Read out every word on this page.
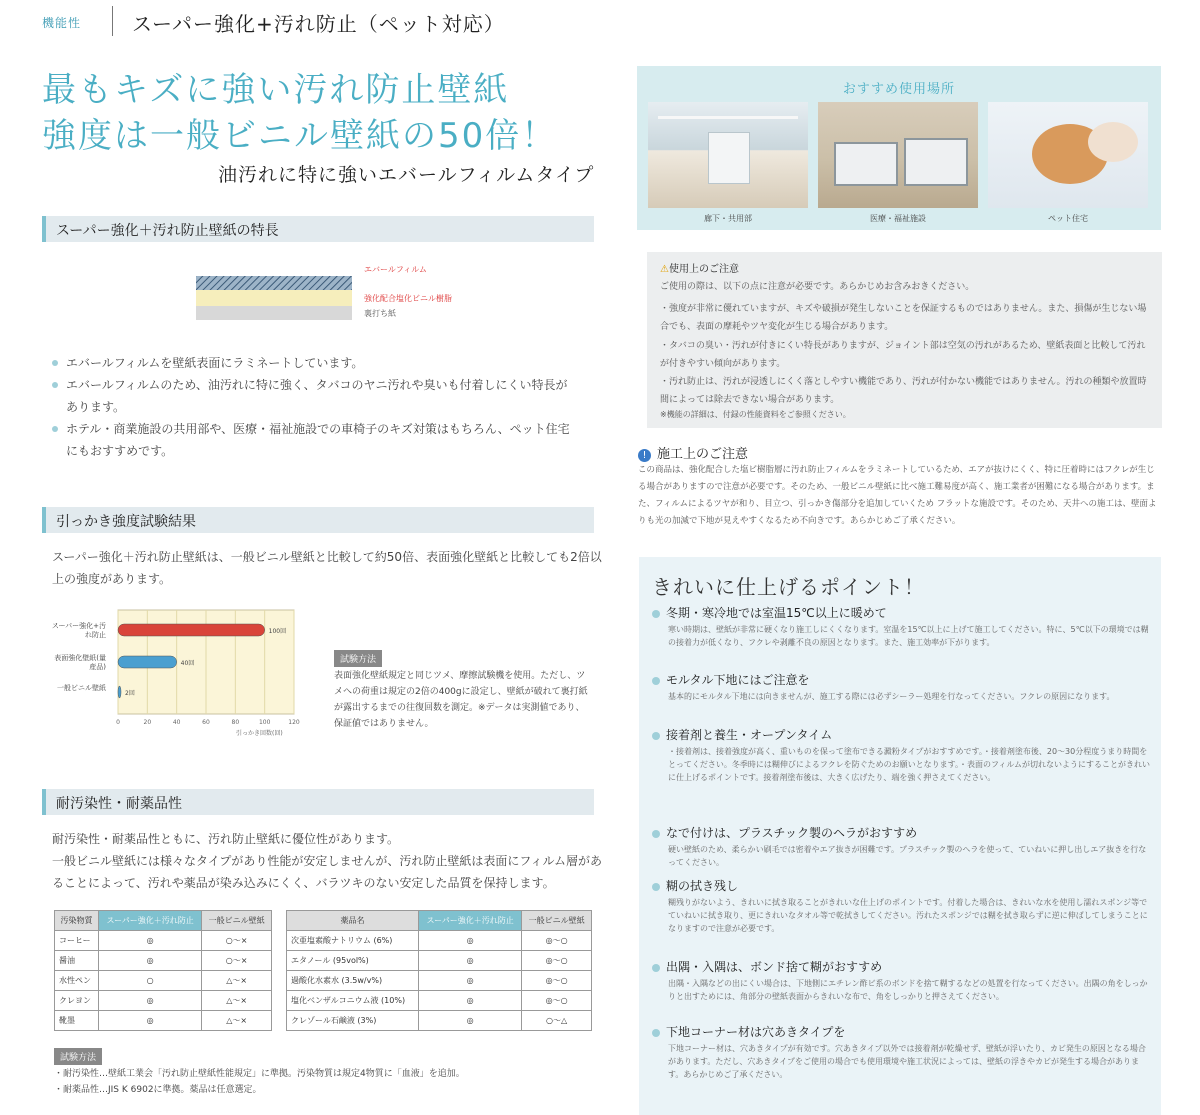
機能性	スーパー強化+汚れ防止（ペット対応）
最もキズに強い汚れ防止壁紙
強度は一般ビニル壁紙の50倍！
油汚れに特に強いエバールフィルムタイプ
スーパー強化＋汚れ防止壁紙の特長
エバールフィルム
強化配合塩化ビニル樹脂
裏打ち紙
エバールフィルムを壁紙表面にラミネートしています。
エバールフィルムのため、油汚れに特に強く、タバコのヤニ汚れや臭いも付着しにくい特長があります。
ホテル・商業施設の共用部や、医療・福祉施設での車椅子のキズ対策はもちろん、ペット住宅にもおすすめです。
引っかき強度試験結果
スーパー強化＋汚れ防止壁紙は、一般ビニル壁紙と比較して約50倍、表面強化壁紙と比較しても2倍以上の強度があります。
スーパー強化+汚れ防止
表面強化壁紙(量産品)
一般ビニル壁紙
0	20	40	60	80	100	120
100回
40回
2回
引っかき回数(回)
試験方法
表面強化壁紙規定と同じツメ、摩擦試験機を使用。ただし、ツメへの荷重は規定の2倍の400gに設定し、壁紙が破れて裏打紙が露出するまでの往復回数を測定。※データは実測値であり、保証値ではありません。
耐汚染性・耐薬品性
耐汚染性・耐薬品性ともに、汚れ防止壁紙に優位性があります。
一般ビニル壁紙には様々なタイプがあり性能が安定しませんが、汚れ防止壁紙は表面にフィルム層があることによって、汚れや薬品が染み込みにくく、バラツキのない安定した品質を保持します。
汚染物質	スーパー強化＋汚れ防止	一般ビニル壁紙
コーヒー	◎	○〜×
醤油	◎	○〜×
水性ペン	○	△〜×
クレヨン	◎	△〜×
靴墨	◎	△〜×
薬品名	スーパー強化＋汚れ防止	一般ビニル壁紙
次亜塩素酸ナトリウム (6%)	◎	◎〜○
エタノール (95vol%)	◎	◎〜○
過酸化水素水 (3.5w/v%)	◎	◎〜○
塩化ベンザルコニウム液 (10%)	◎	◎〜○
クレゾール石鹸液 (3%)	◎	○〜△
試験方法
・耐汚染性…壁紙工業会「汚れ防止壁紙性能規定」に準拠。汚染物質は規定4物質に「血液」を追加。
・耐薬品性…JIS K 6902に準拠。薬品は任意選定。
おすすめ使用場所
廊下・共用部	医療・福祉施設	ペット住宅
⚠使用上のご注意
ご使用の際は、以下の点に注意が必要です。あらかじめお含みおきください。
・強度が非常に優れていますが、キズや破損が発生しないことを保証するものではありません。また、損傷が生じない場合でも、表面の摩耗やツヤ変化が生じる場合があります。
・タバコの臭い・汚れが付きにくい特長がありますが、ジョイント部は空気の汚れがあるため、壁紙表面と比較して汚れが付きやすい傾向があります。
・汚れ防止は、汚れが浸透しにくく落としやすい機能であり、汚れが付かない機能ではありません。汚れの種類や放置時間によっては除去できない場合があります。
※機能の詳細は、付録の性能資料をご参照ください。
! 施工上のご注意
この商品は、強化配合した塩ビ樹脂層に汚れ防止フィルムをラミネートしているため、エアが抜けにくく、特に圧着時にはフクレが生じる場合がありますので注意が必要です。そのため、一般ビニル壁紙に比べ施工難易度が高く、施工業者が困難になる場合があります。また、フィルムによるツヤが和り、目立つ、引っかき傷部分を追加していくため フラットな施設です。そのため、天井への施工は、壁面よりも光の加減で下地が見えやすくなるため不向きです。あらかじめご了承ください。
きれいに仕上げるポイント！
冬期・寒冷地では室温15℃以上に暖めて
寒い時期は、壁紙が非常に硬くなり施工しにくくなります。室温を15℃以上に上げて施工してください。特に、5℃以下の環境では糊の接着力が低くなり、フクレや剥離不良の原因となります。また、施工効率が下がります。
モルタル下地にはご注意を
基本的にモルタル下地には向きませんが、施工する際には必ずシーラー処理を行なってください。フクレの原因になります。
接着剤と養生・オープンタイム
・接着剤は、接着強度が高く、重いものを保って塗布できる澱粉タイプがおすすめです。・接着剤塗布後、20〜30分程度うまり時間をとってください。冬季時には糊伸びによるフクレを防ぐためのお願いとなります。・表面のフィルムが切れないようにすることがきれいに仕上げるポイントです。接着剤塗布後は、大きく広げたり、端を強く押さえてください。
なで付けは、プラスチック製のヘラがおすすめ
硬い壁紙のため、柔らかい刷毛では密着やエア抜きが困難です。プラスチック製のヘラを使って、ていねいに押し出しエア抜きを行なってください。
糊の拭き残し
糊残りがないよう、きれいに拭き取ることがきれいな仕上げのポイントです。付着した場合は、きれいな水を使用し濡れスポンジ等でていねいに拭き取り、更にきれいなタオル等で乾拭きしてください。汚れたスポンジでは糊を拭き取らずに逆に伸ばしてしまうことになりますので注意が必要です。
出隅・入隅は、ボンド捨て糊がおすすめ
出隅・入隅などの出にくい場合は、下地側にエチレン酢ビ系のボンドを捨て糊するなどの処置を行なってください。出隅の角をしっかりと出すためには、角部分の壁紙表面からきれいな布で、角をしっかりと押さえてください。
下地コーナー材は穴あきタイプを
下地コーナー材は、穴あきタイプが有効です。穴あきタイプ以外では接着剤が乾燥せず、壁紙が浮いたり、カビ発生の原因となる場合があります。ただし、穴あきタイプをご使用の場合でも使用環境や施工状況によっては、壁紙の浮きやカビが発生する場合があります。あらかじめご了承ください。
